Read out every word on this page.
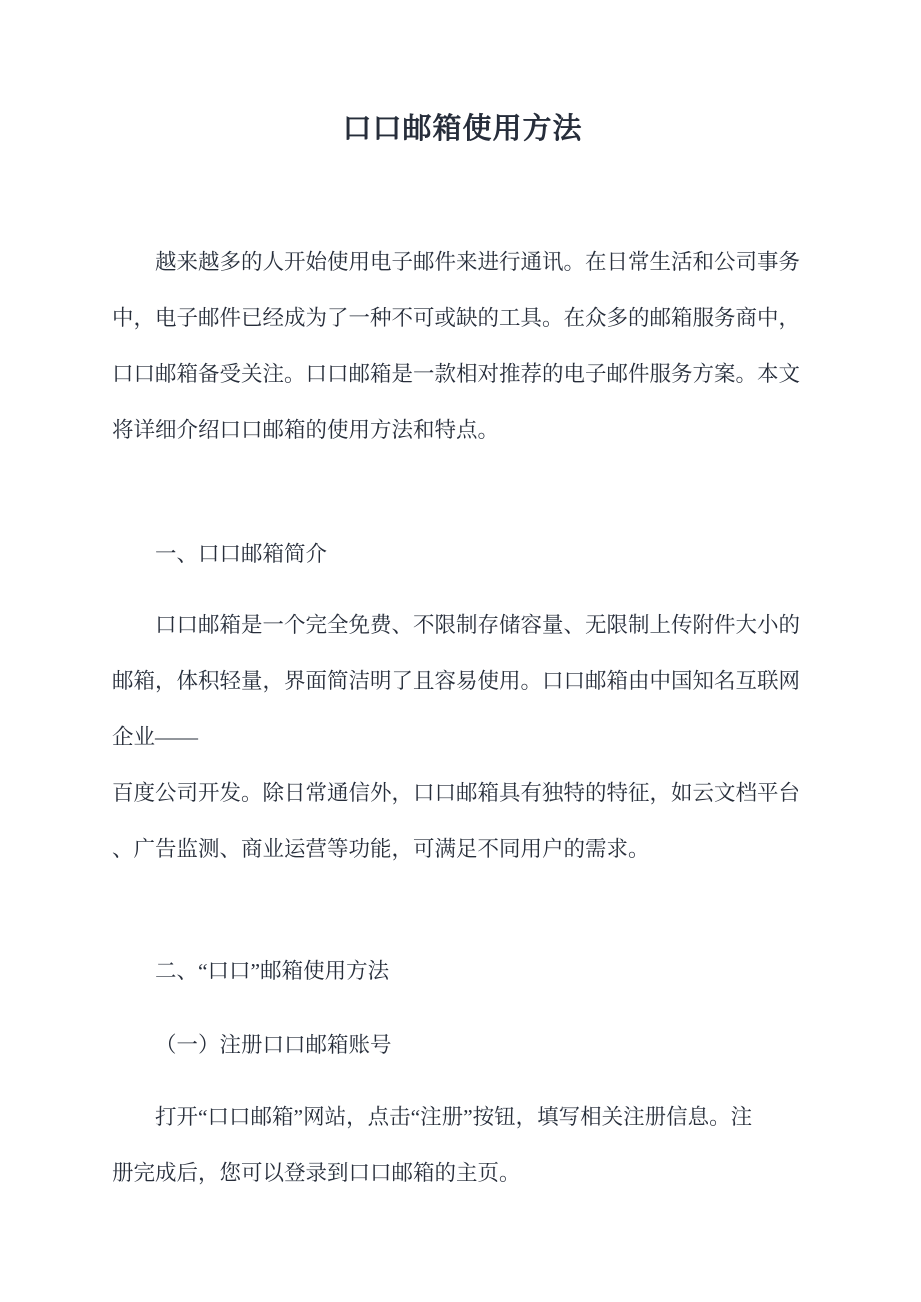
口口邮箱使用方法
越来越多的人开始使用电子邮件来进行通讯。在日常生活和公司事务
中，电子邮件已经成为了一种不可或缺的工具。在众多的邮箱服务商中，
口口邮箱备受关注。口口邮箱是一款相对推荐的电子邮件服务方案。本文
将详细介绍口口邮箱的使用方法和特点。
一、口口邮箱简介
口口邮箱是一个完全免费、不限制存储容量、无限制上传附件大小的
邮箱，体积轻量，界面简洁明了且容易使用。口口邮箱由中国知名互联网
企业——
百度公司开发。除日常通信外，口口邮箱具有独特的特征，如云文档平台
、广告监测、商业运营等功能，可满足不同用户的需求。
二、“口口”邮箱使用方法
（一）注册口口邮箱账号
打开“口口邮箱”网站，点击“注册”按钮，填写相关注册信息。注
册完成后，您可以登录到口口邮箱的主页。
